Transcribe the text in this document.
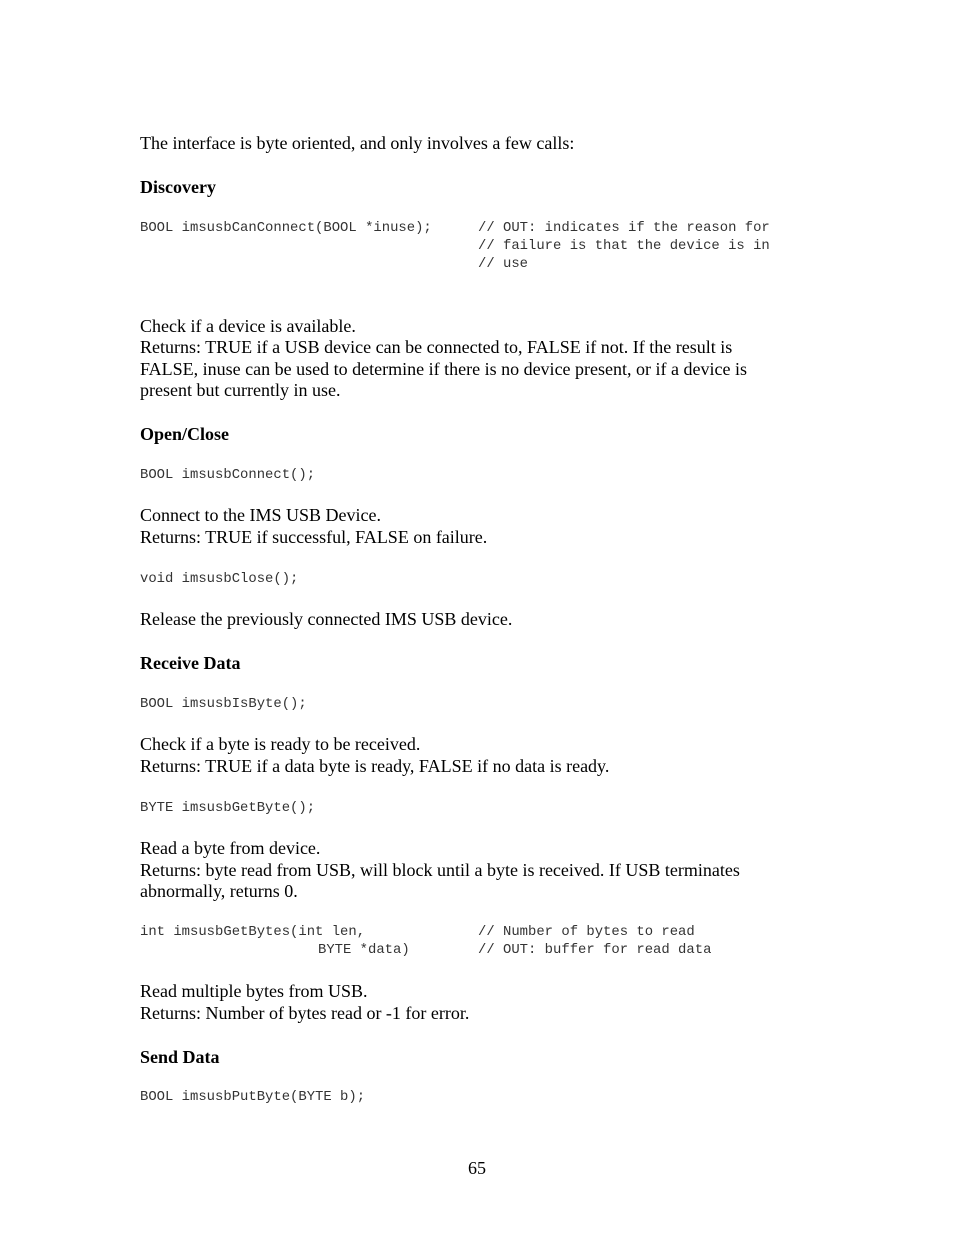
The interface is byte oriented, and only involves a few calls:

Discovery

BOOL imsusbCanConnect(BOOL *inuse);	// OUT: indicates if the reason for
// failure is that the device is in
// use

Check if a device is available.

Returns: TRUE if a USB device can be connected to, FALSE if not. If the result is

FALSE, inuse can be used to determine if there is no device present, or if a device is

present but currently in use.

Open/Close

BOOL imsusbConnect();

Connect to the IMS USB Device.

Returns: TRUE if successful, FALSE on failure.

void imsusbClose();

Release the previously connected IMS USB device.

Receive Data

BOOL imsusbIsByte();

Check if a byte is ready to be received.

Returns: TRUE if a data byte is ready, FALSE if no data is ready.

BYTE imsusbGetByte();

Read a byte from device.

Returns: byte read from USB, will block until a byte is received. If USB terminates

abnormally, returns 0.

int imsusbGetBytes(int len,
BYTE *data)
// Number of bytes to read
// OUT: buffer for read data

Read multiple bytes from USB.

Returns: Number of bytes read or -1 for error.

Send Data

BOOL imsusbPutByte(BYTE b);
65
